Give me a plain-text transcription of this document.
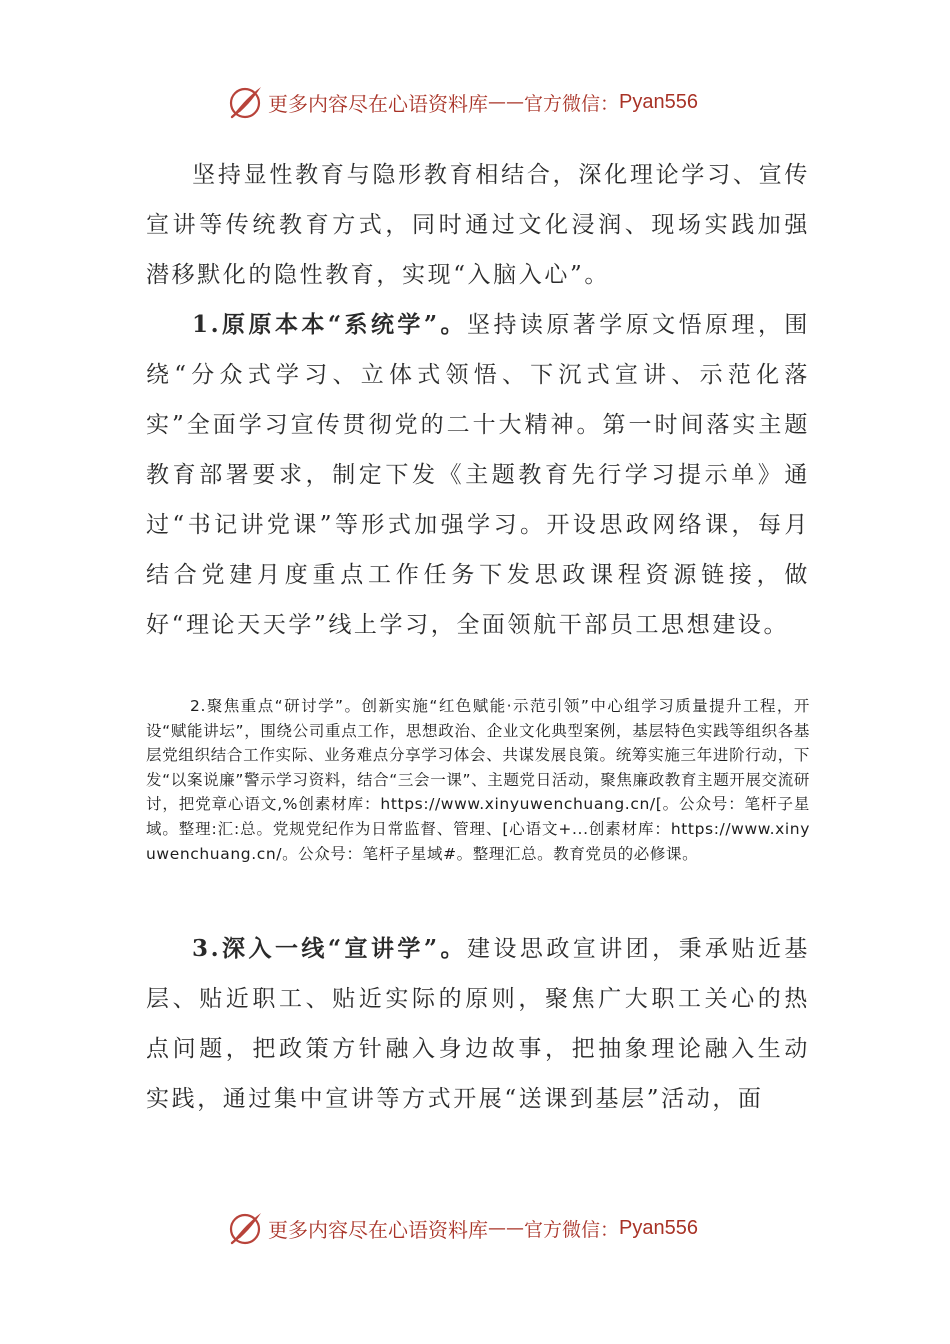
更多内容尽在心语资料库 —— 官方微信： Pyan556

坚持显性教育与隐形教育相结合，深化理论学习、宣传宣讲等传统教育方式，同时通过文化浸润、现场实践加强潜移默化的隐性教育，实现“入脑入心”。

1.原原本本“系统学”。坚持读原著学原文悟原理，围绕“分众式学习、立体式领悟、下沉式宣讲、示范化落实”全面学习宣传贯彻党的二十大精神。第一时间落实主题教育部署要求，制定下发《主题教育先行学习提示单》通过“书记讲党课”等形式加强学习。开设思政网络课，每月结合党建月度重点工作任务下发思政课程资源链接，做好“理论天天学”线上学习，全面领航干部员工思想建设。

2.聚焦重点“研讨学”。创新实施“红色赋能·示范引领”中心组学习质量提升工程，开设“赋能讲坛”，围绕公司重点工作，思想政治、企业文化典型案例，基层特色实践等组织各基层党组织结合工作实际、业务难点分享学习体会、共谋发展良策。统筹实施三年进阶行动，下发“以案说廉”警示学习资料，结合“三会一课”、主题党日活动，聚焦廉政教育主题开展交流研讨，把党章心语文,%创素材库：https://www.xinyuwenchuang.cn/[。公众号：笔杆子星域。整理:汇:总。党规党纪作为日常监督、管理、[心语文+...创素材库：https://www.xinyuwenchuang.cn/。公众号：笔杆子星域#。整理汇总。教育党员的必修课。

3.深入一线“宣讲学”。建设思政宣讲团，秉承贴近基层、贴近职工、贴近实际的原则，聚焦广大职工关心的热点问题，把政策方针融入身边故事，把抽象理论融入生动实践，通过集中宣讲等方式开展“送课到基层”活动，面

更多内容尽在心语资料库 —— 官方微信： Pyan556
